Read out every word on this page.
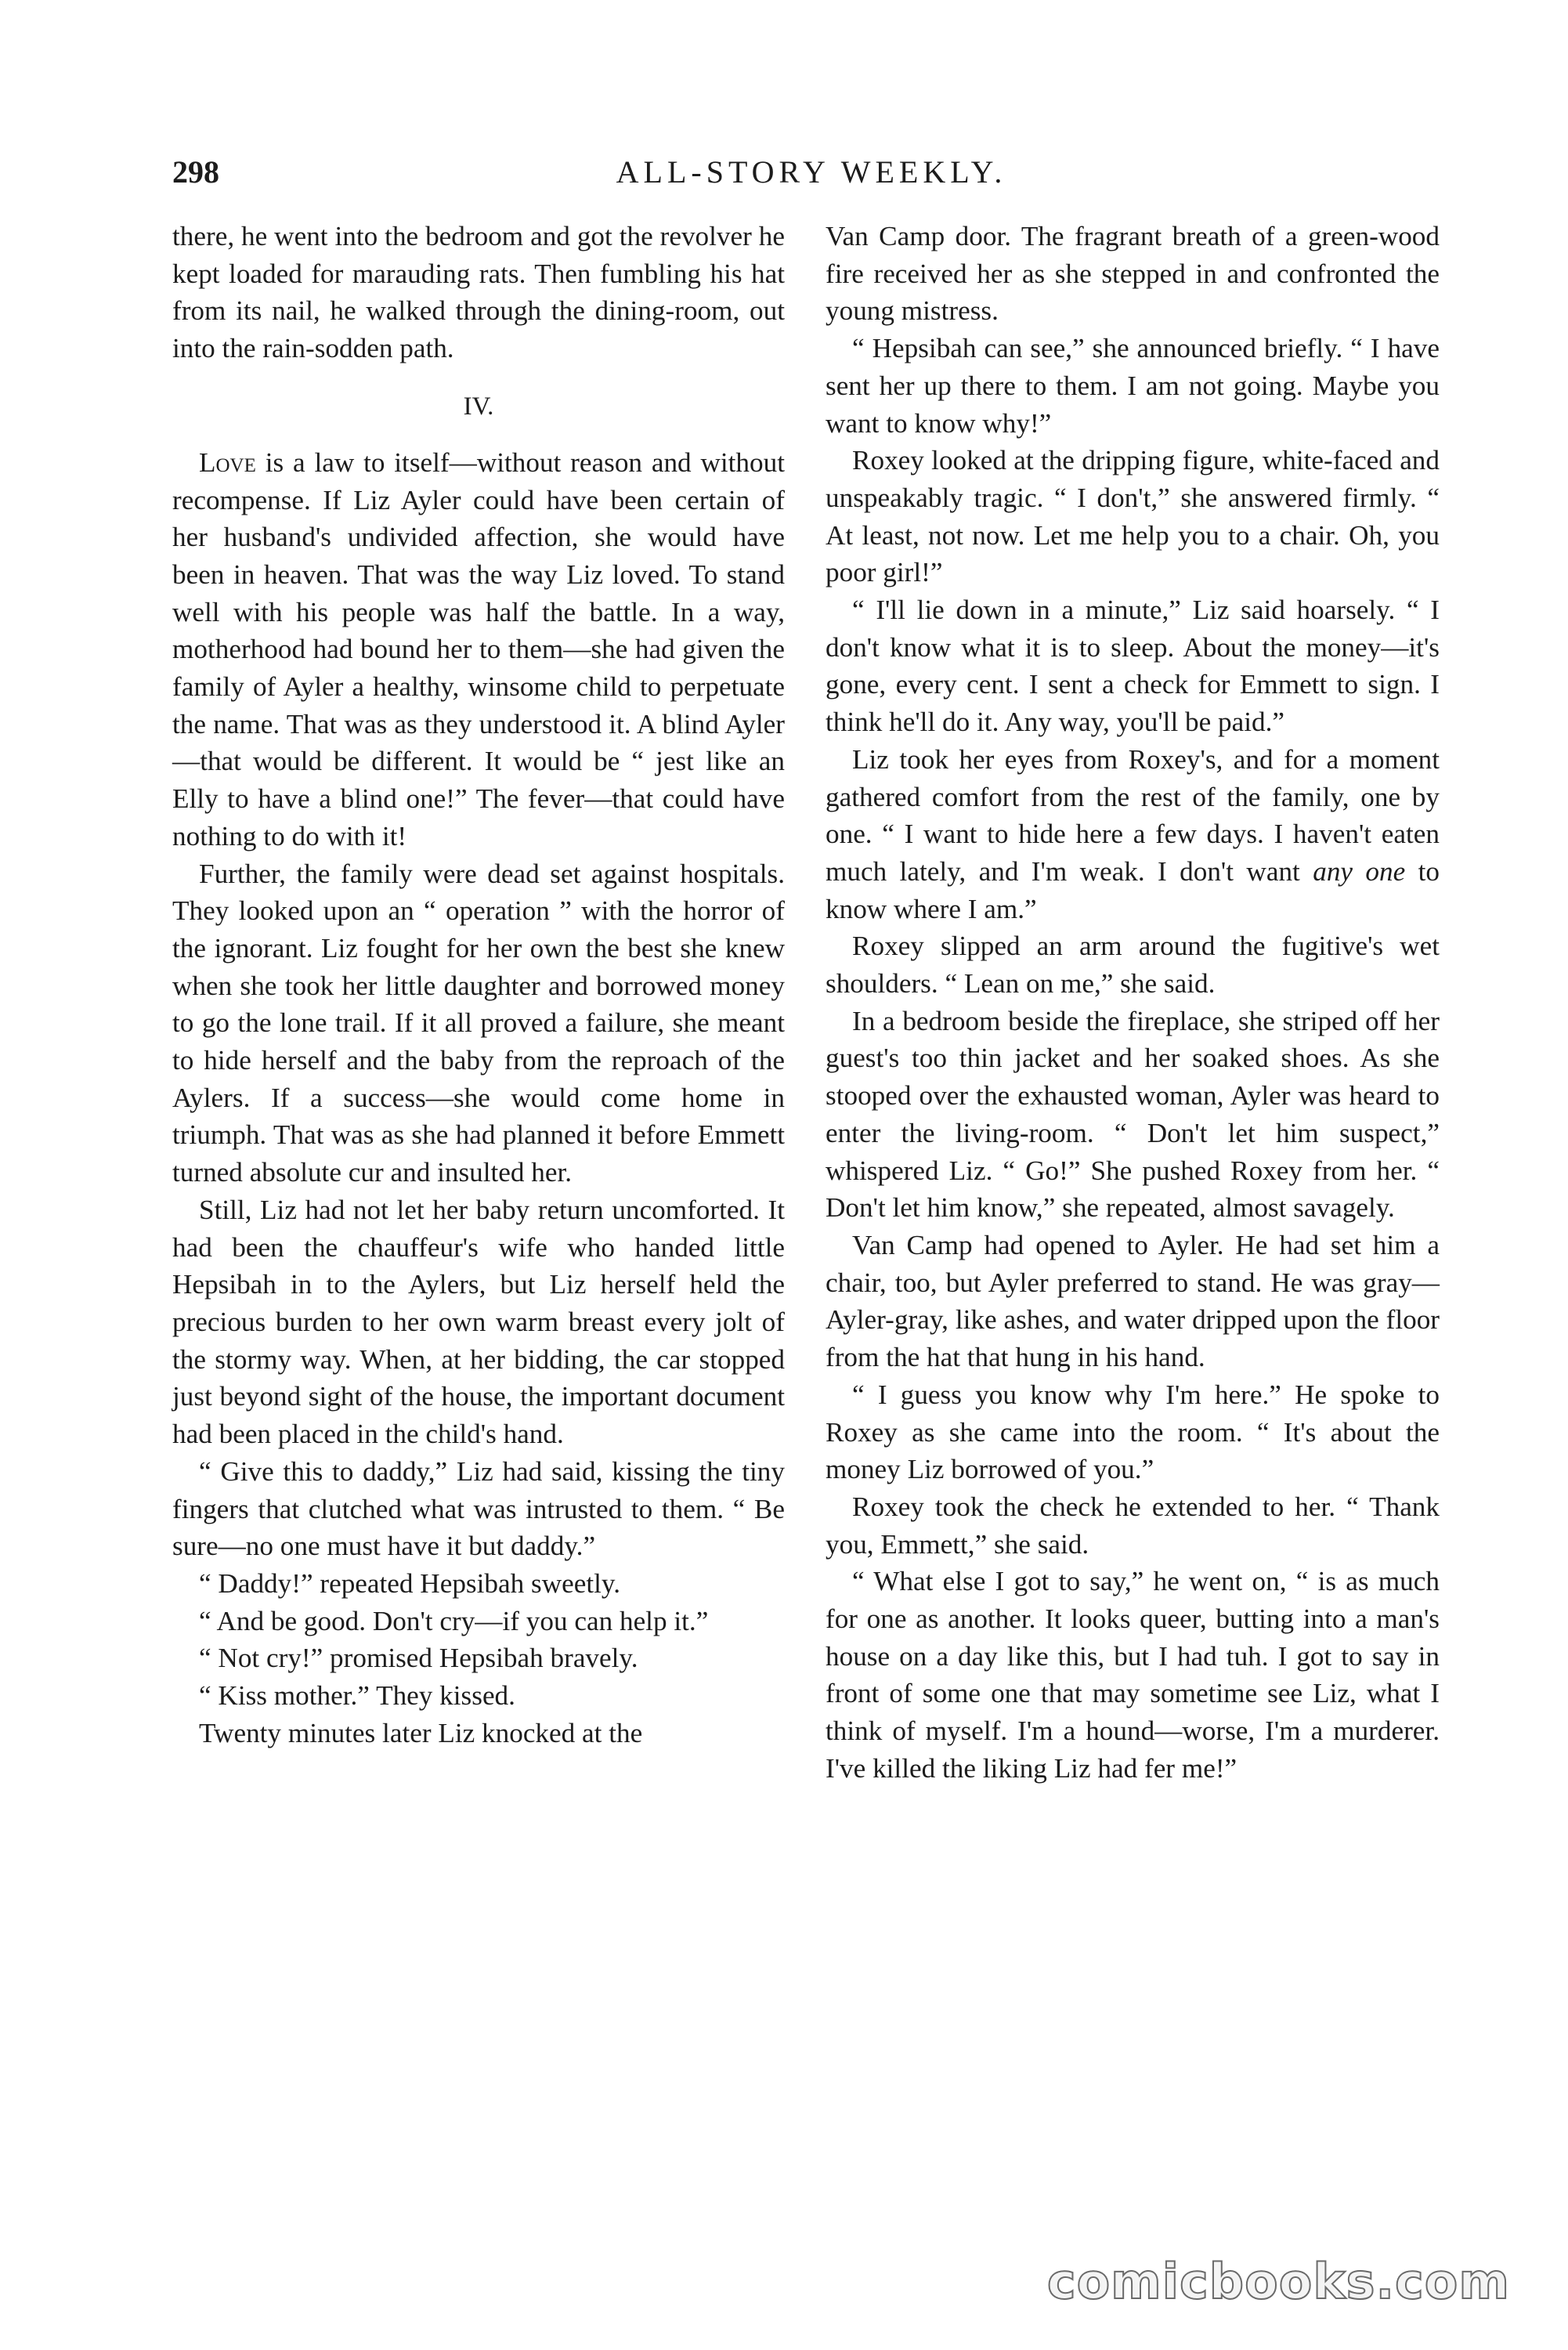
298	ALL-STORY WEEKLY.

there, he went into the bedroom and got the revolver he kept loaded for marauding rats. Then fumbling his hat from its nail, he walked through the dining-room, out into the rain-sodden path.

IV.

Love is a law to itself—without reason and without recompense. If Liz Ayler could have been certain of her husband's undivided affection, she would have been in heaven. That was the way Liz loved. To stand well with his people was half the battle. In a way, motherhood had bound her to them—she had given the family of Ayler a healthy, winsome child to perpetuate the name. That was as they understood it. A blind Ayler—that would be different. It would be “ jest like an Elly to have a blind one!” The fever—that could have nothing to do with it!

Further, the family were dead set against hospitals. They looked upon an “ operation ” with the horror of the ignorant. Liz fought for her own the best she knew when she took her little daughter and borrowed money to go the lone trail. If it all proved a failure, she meant to hide herself and the baby from the reproach of the Aylers. If a success—she would come home in triumph. That was as she had planned it before Emmett turned absolute cur and insulted her.

Still, Liz had not let her baby return uncomforted. It had been the chauffeur's wife who handed little Hepsibah in to the Aylers, but Liz herself held the precious burden to her own warm breast every jolt of the stormy way. When, at her bidding, the car stopped just beyond sight of the house, the important document had been placed in the child's hand.

“ Give this to daddy,” Liz had said, kissing the tiny fingers that clutched what was intrusted to them. “ Be sure—no one must have it but daddy.”

“ Daddy!” repeated Hepsibah sweetly.

“ And be good. Don't cry—if you can help it.”

“ Not cry!” promised Hepsibah bravely.

“ Kiss mother.” They kissed.

Twenty minutes later Liz knocked at the

Van Camp door. The fragrant breath of a green-wood fire received her as she stepped in and confronted the young mistress.

“ Hepsibah can see,” she announced briefly. “ I have sent her up there to them. I am not going. Maybe you want to know why!”

Roxey looked at the dripping figure, white-faced and unspeakably tragic. “ I don't,” she answered firmly. “ At least, not now. Let me help you to a chair. Oh, you poor girl!”

“ I'll lie down in a minute,” Liz said hoarsely. “ I don't know what it is to sleep. About the money—it's gone, every cent. I sent a check for Emmett to sign. I think he'll do it. Any way, you'll be paid.”

Liz took her eyes from Roxey's, and for a moment gathered comfort from the rest of the family, one by one. “ I want to hide here a few days. I haven't eaten much lately, and I'm weak. I don't want any one to know where I am.”

Roxey slipped an arm around the fugitive's wet shoulders. “ Lean on me,” she said.

In a bedroom beside the fireplace, she striped off her guest's too thin jacket and her soaked shoes. As she stooped over the exhausted woman, Ayler was heard to enter the living-room. “ Don't let him suspect,” whispered Liz. “ Go!” She pushed Roxey from her. “ Don't let him know,” she repeated, almost savagely.

Van Camp had opened to Ayler. He had set him a chair, too, but Ayler preferred to stand. He was gray—Ayler-gray, like ashes, and water dripped upon the floor from the hat that hung in his hand.

“ I guess you know why I'm here.” He spoke to Roxey as she came into the room. “ It's about the money Liz borrowed of you.”

Roxey took the check he extended to her. “ Thank you, Emmett,” she said.

“ What else I got to say,” he went on, “ is as much for one as another. It looks queer, butting into a man's house on a day like this, but I had tuh. I got to say in front of some one that may sometime see Liz, what I think of myself. I'm a hound—worse, I'm a murderer. I've killed the liking Liz had fer me!”

comicbooks.com
